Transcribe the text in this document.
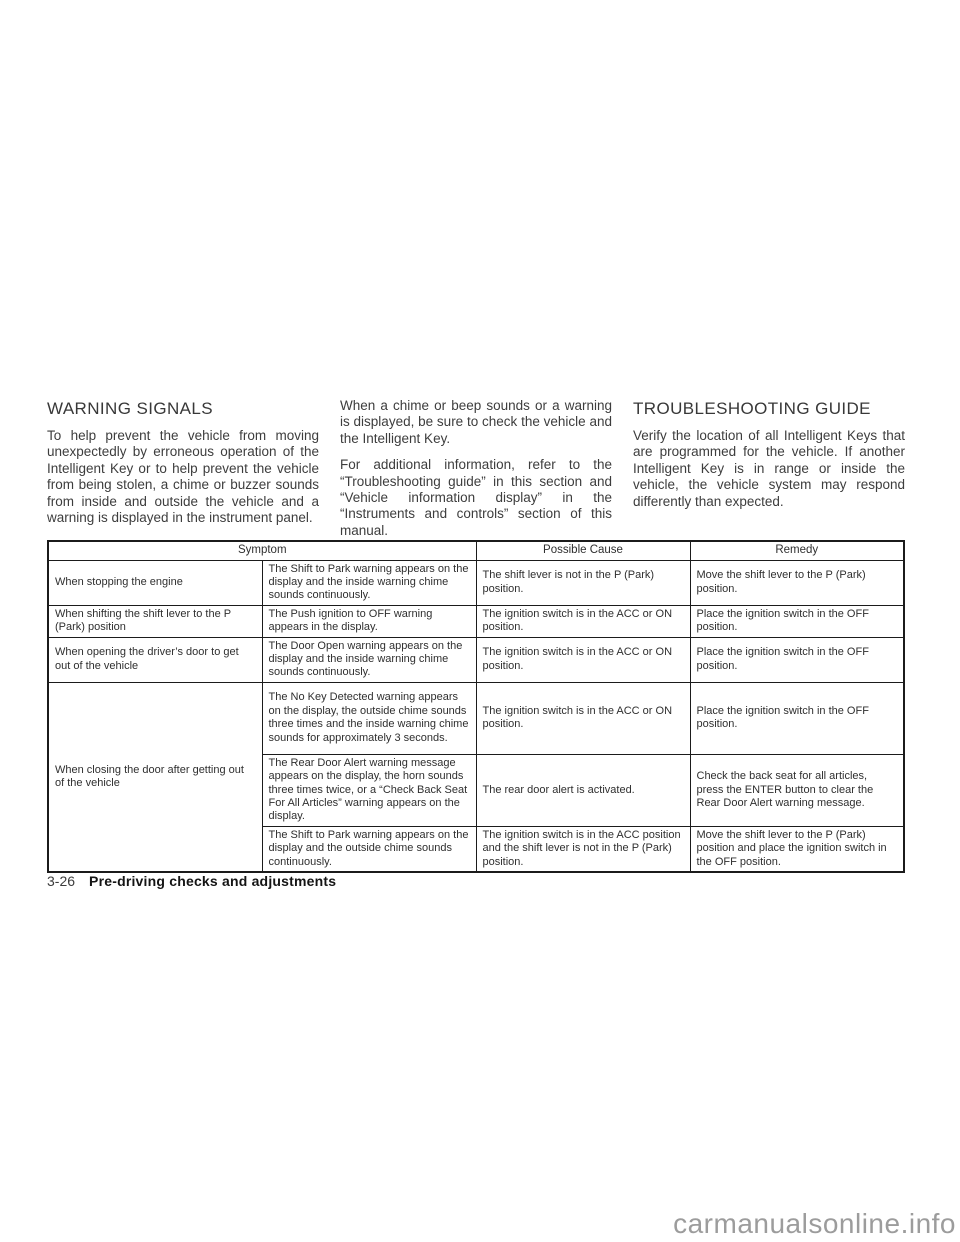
WARNING SIGNALS

To help prevent the vehicle from moving unexpectedly by erroneous operation of the Intelligent Key or to help prevent the vehicle from being stolen, a chime or buzzer sounds from inside and outside the vehicle and a warning is displayed in the instrument panel.

When a chime or beep sounds or a warning is displayed, be sure to check the vehicle and the Intelligent Key.

For additional information, refer to the “Troubleshooting guide” in this section and “Vehicle information display” in the “Instruments and controls” section of this manual.

TROUBLESHOOTING GUIDE

Verify the location of all Intelligent Keys that are programmed for the vehicle. If another Intelligent Key is in range or inside the vehicle, the vehicle system may respond differently than expected.

Symptom		Possible Cause	Remedy
When stopping the engine	The Shift to Park warning appears on the display and the inside warning chime sounds continuously.	The shift lever is not in the P (Park) position.	Move the shift lever to the P (Park) position.
When shifting the shift lever to the P (Park) position	The Push ignition to OFF warning appears in the display.	The ignition switch is in the ACC or ON position.	Place the ignition switch in the OFF position.
When opening the driver’s door to get out of the vehicle	The Door Open warning appears on the display and the inside warning chime sounds continuously.	The ignition switch is in the ACC or ON position.	Place the ignition switch in the OFF position.
When closing the door after getting out of the vehicle	The No Key Detected warning appears on the display, the outside chime sounds three times and the inside warning chime sounds for approximately 3 seconds.	The ignition switch is in the ACC or ON position.	Place the ignition switch in the OFF position.
	The Rear Door Alert warning message appears on the display, the horn sounds three times twice, or a “Check Back Seat For All Articles” warning appears on the display.	The rear door alert is activated.	Check the back seat for all articles, press the ENTER button to clear the Rear Door Alert warning message.
	The Shift to Park warning appears on the display and the outside chime sounds continuously.	The ignition switch is in the ACC position and the shift lever is not in the P (Park) position.	Move the shift lever to the P (Park) position and place the ignition switch in the OFF position.
3-26 Pre-driving checks and adjustments
carmanualsonline.info
